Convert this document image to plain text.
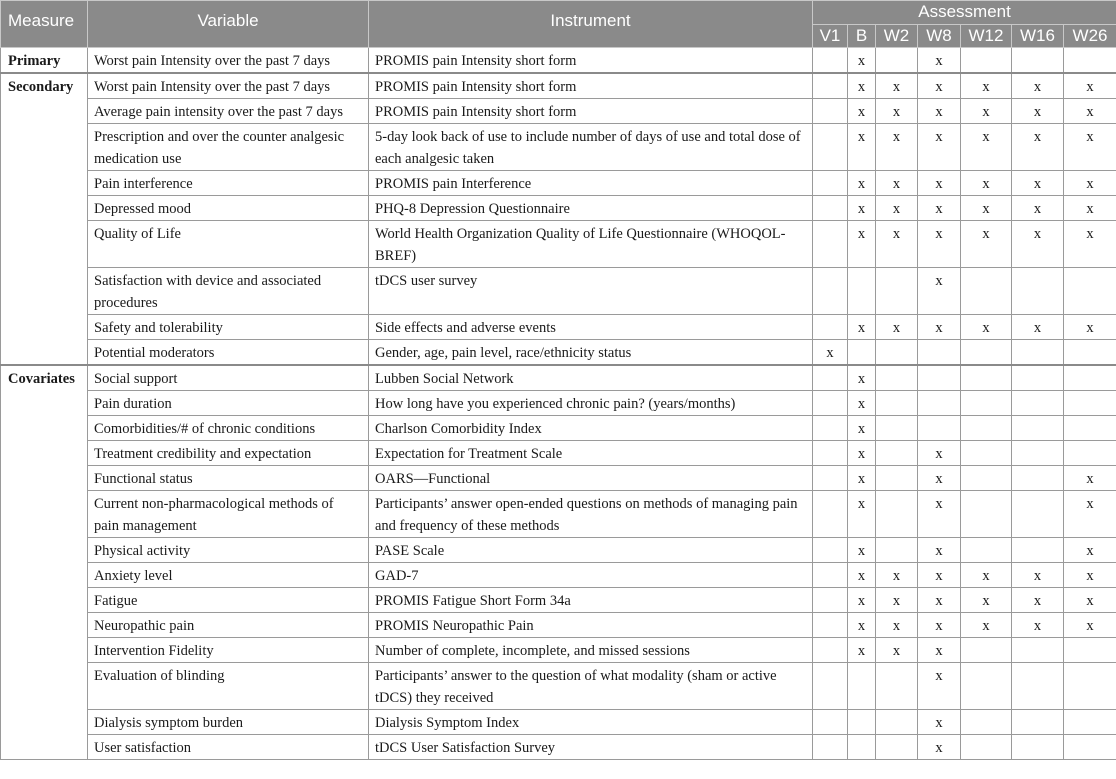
Measure	Variable	Instrument	Assessment						
			V1	B	W2	W8	W12	W16	W26
Primary	Worst pain Intensity over the past 7 days	PROMIS pain Intensity short form		x		x			
Secondary	Worst pain Intensity over the past 7 days	PROMIS pain Intensity short form		x	x	x	x	x	x
	Average pain intensity over the past 7 days	PROMIS pain Intensity short form		x	x	x	x	x	x
	Prescription and over the counter analgesic medication use	5-day look back of use to include number of days of use and total dose of each analgesic taken		x	x	x	x	x	x
	Pain interference	PROMIS pain Interference		x	x	x	x	x	x
	Depressed mood	PHQ-8 Depression Questionnaire		x	x	x	x	x	x
	Quality of Life	World Health Organization Quality of Life Questionnaire (WHOQOL-BREF)		x	x	x	x	x	x
	Satisfaction with device and associated procedures	tDCS user survey				x			
	Safety and tolerability	Side effects and adverse events		x	x	x	x	x	x
	Potential moderators	Gender, age, pain level, race/ethnicity status	x						
Covariates	Social support	Lubben Social Network		x					
	Pain duration	How long have you experienced chronic pain? (years/months)		x					
	Comorbidities/# of chronic conditions	Charlson Comorbidity Index		x					
	Treatment credibility and expectation	Expectation for Treatment Scale		x		x			
	Functional status	OARS—Functional		x		x			x
	Current non-pharmacological methods of pain management	Participants’ answer open-ended questions on methods of managing pain and frequency of these methods		x		x			x
	Physical activity	PASE Scale		x		x			x
	Anxiety level	GAD-7		x	x	x	x	x	x
	Fatigue	PROMIS Fatigue Short Form 34a		x	x	x	x	x	x
	Neuropathic pain	PROMIS Neuropathic Pain		x	x	x	x	x	x
	Intervention Fidelity	Number of complete, incomplete, and missed sessions		x	x	x			
	Evaluation of blinding	Participants’ answer to the question of what modality (sham or active tDCS) they received				x			
	Dialysis symptom burden	Dialysis Symptom Index				x			
	User satisfaction	tDCS User Satisfaction Survey				x			
